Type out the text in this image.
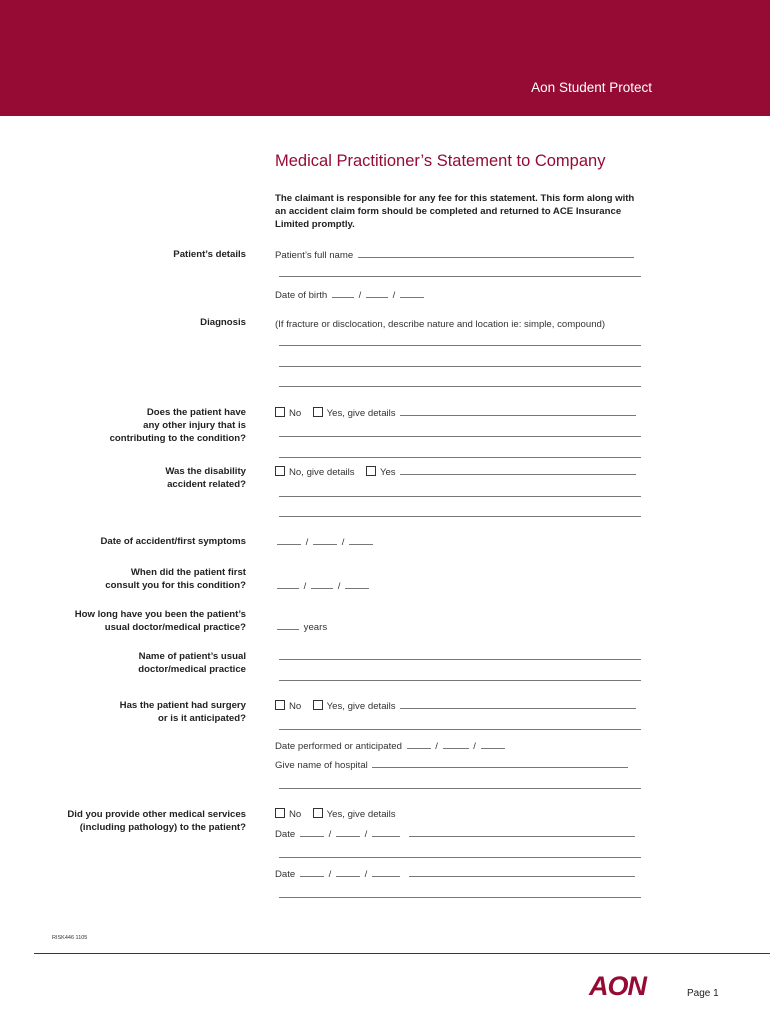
Aon Student Protect
Medical Practitioner’s Statement to Company
The claimant is responsible for any fee for this statement. This form along with an accident claim form should be completed and returned to ACE Insurance Limited promptly.
Patient’s details	Patient’s full name
Date of birth	/	/
Diagnosis	(If fracture or disclocation, describe nature and location ie: simple, compound)
Does the patient have
any other injury that is
contributing to the condition?
No	Yes, give details
Was the disability
accident related?
No, give details	Yes
Date of accident/first symptoms	/	/
When did the patient first
consult you for this condition?	/	/
How long have you been the patient’s
usual doctor/medical practice?	years
Name of patient’s usual
doctor/medical practice
Has the patient had surgery
or is it anticipated?
No	Yes, give details
Date performed or anticipated	/	/
Give name of hospital
Did you provide other medical services
(including pathology) to the patient?
No	Yes, give details
Date	/	/
Date	/	/
RISK446 1105
AON	Page 1
